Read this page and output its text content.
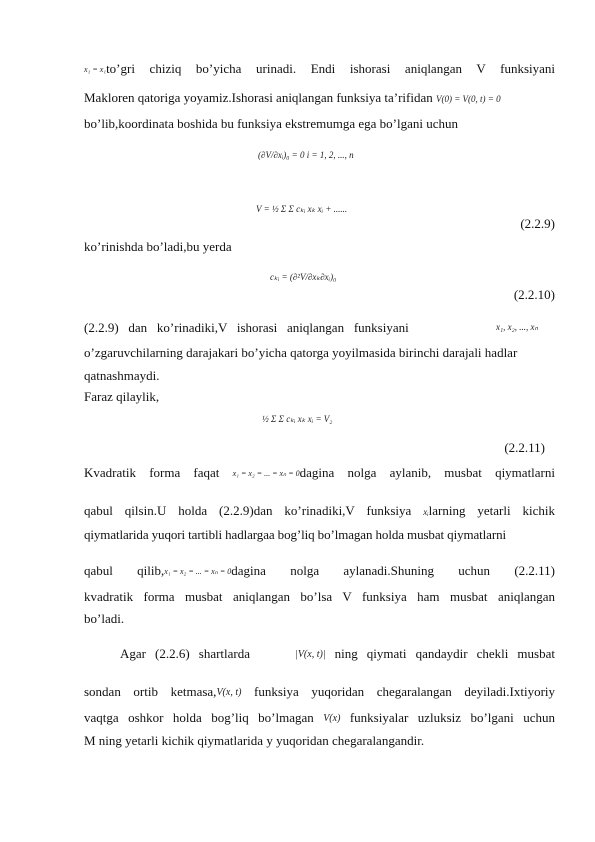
x₁ = x₁to’gri chiziq bo’yicha urinadi. Endi ishorasi aniqlangan V funksiyani

Makloren qatoriga yoyamiz.Ishorasi aniqlangan funksiya ta’rifidan V(0) = V(0, t) = 0

bo’lib,koordinata boshida bu funksiya ekstremumga ega bo’lgani uchun

(∂V/∂xᵢ)₀ = 0 i = 1, 2, ..., n
V = ½ Σ Σ cₖᵢ xₖ xᵢ + ......
(2.2.9)

ko’rinishda bo’ladi,bu yerda

cₖᵢ = (∂²V/∂xₖ∂xᵢ)₀
(2.2.10)

(2.2.9)   dan   ko’rinadiki,V   ishorasi   aniqlangan   funksiyani	x₁, x₂, ..., xₙ

o’zgaruvchilarning darajakari bo’yicha qatorga yoyilmasida birinchi darajali hadlar

qatnashmaydi.

Faraz qilaylik,

½ Σ Σ cₖᵢ xₖ xᵢ = V₂
(2.2.11)

Kvadratik forma faqat x₁ = x₂ = ... = xₙ = 0dagina nolga aylanib, musbat qiymatlarni

qabul qilsin.U holda (2.2.9)dan ko’rinadiki,V funksiya xᵢlarning yetarli kichik

qiymatlarida yuqori tartibli hadlargaa bog’liq bo’lmagan holda musbat qiymatlarni

qabul qilib,x₁ = x₂ = ... = xₙ = 0dagina nolga aylanadi.Shuning uchun (2.2.11)

kvadratik forma musbat aniqlangan bo’lsa V funksiya ham musbat aniqlangan

bo’ladi.

Agar (2.2.6) shartlarda	|V(x, t)| ning qiymati qandaydir chekli musbat

sondan ortib ketmasa,V(x, t) funksiya yuqoridan chegaralangan deyiladi.Ixtiyoriy

vaqtga oshkor holda bog’liq bo’lmagan V(x) funksiyalar uzluksiz bo’lgani uchun

M ning yetarli kichik qiymatlarida y yuqoridan chegaralangandir.
